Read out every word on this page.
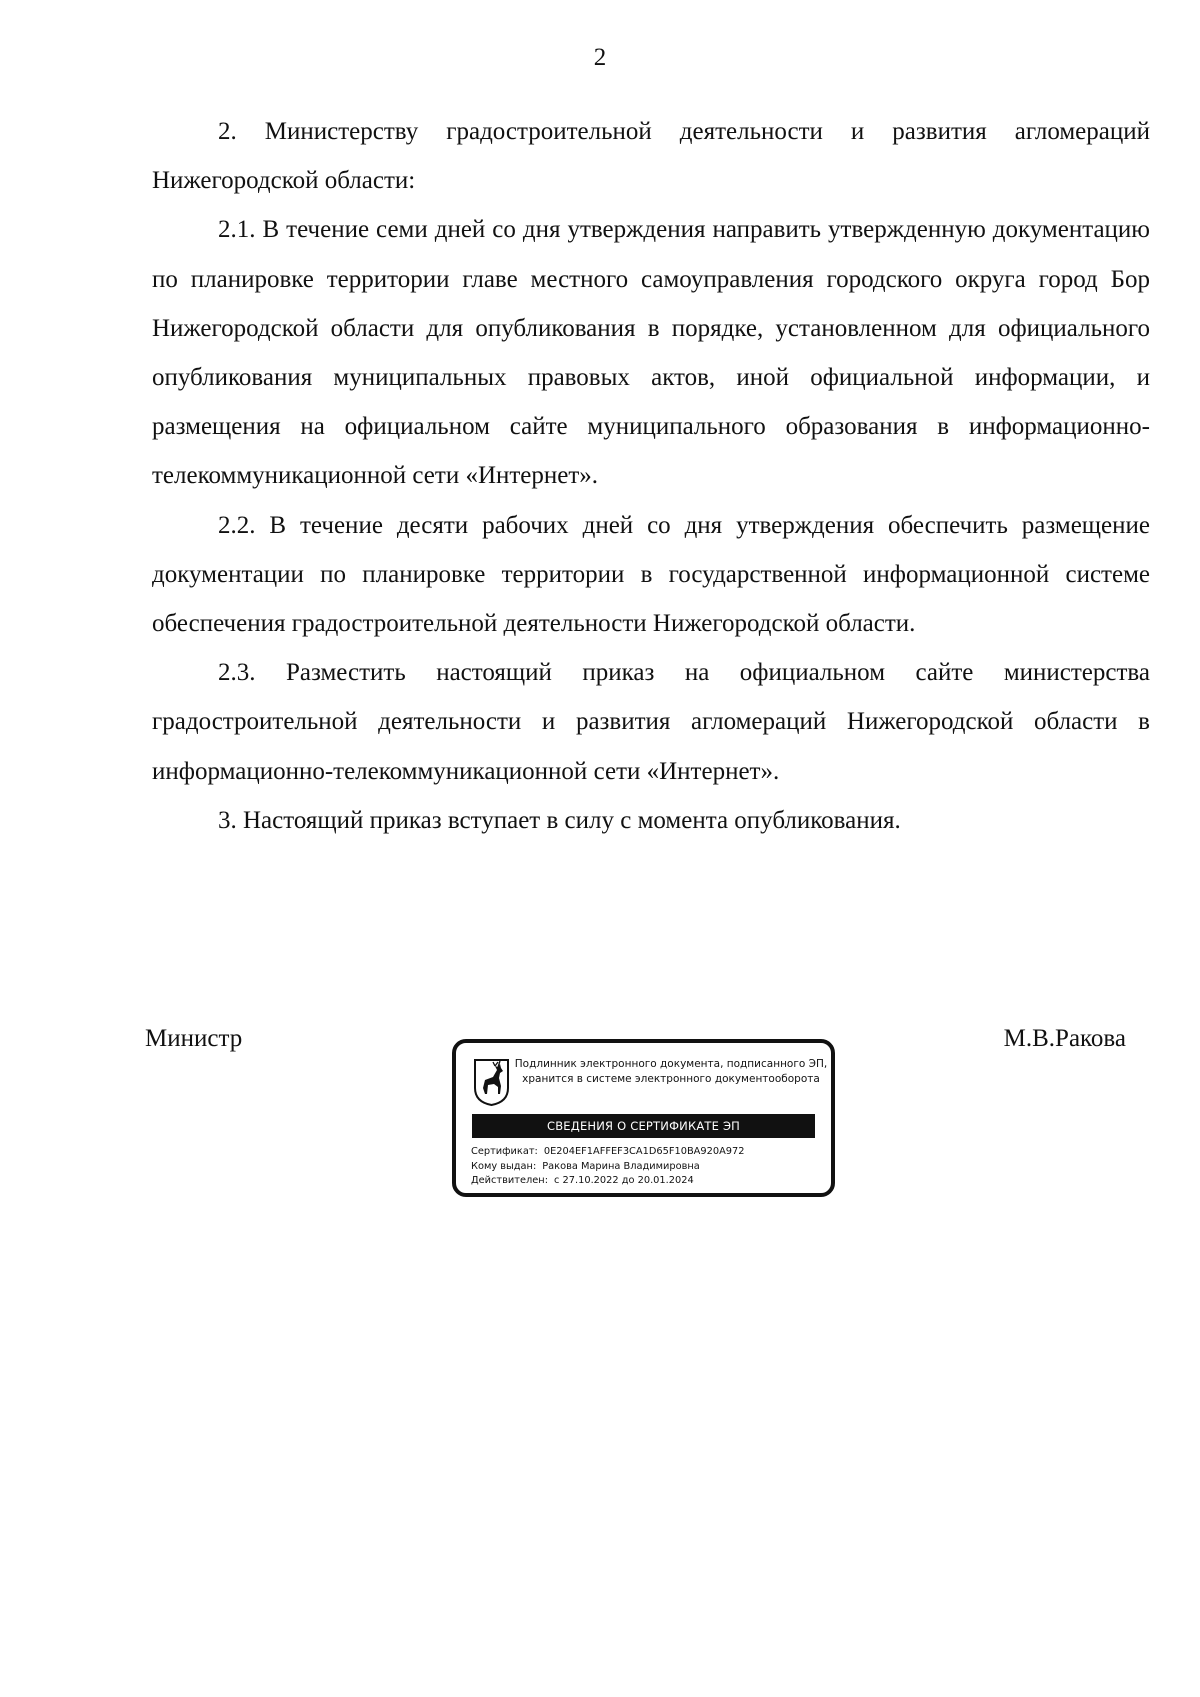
2

2. Министерству градостроительной деятельности и развития агломераций Нижегородской области:

2.1. В течение семи дней со дня утверждения направить утвержденную документацию по планировке территории главе местного самоуправления городского округа город Бор Нижегородской области для опубликования в порядке, установленном для официального опубликования муниципальных правовых актов, иной официальной информации, и размещения на официальном сайте муниципального образования в информационно-телекоммуникационной сети «Интернет».

2.2. В течение десяти рабочих дней со дня утверждения обеспечить размещение документации по планировке территории в государственной информационной системе обеспечения градостроительной деятельности Нижегородской области.

2.3. Разместить настоящий приказ на официальном сайте министерства градостроительной деятельности и развития агломераций Нижегородской области в информационно-телекоммуникационной сети «Интернет».

3. Настоящий приказ вступает в силу с момента опубликования.

Министр	М.В.Ракова
Подлинник электронного документа, подписанного ЭП,
хранится в системе электронного документооборота
СВЕДЕНИЯ О СЕРТИФИКАТЕ ЭП
Сертификат: 0E204EF1AFFEF3CA1D65F10BA920A972
Кому выдан: Ракова Марина Владимировна
Действителен: с 27.10.2022 до 20.01.2024
